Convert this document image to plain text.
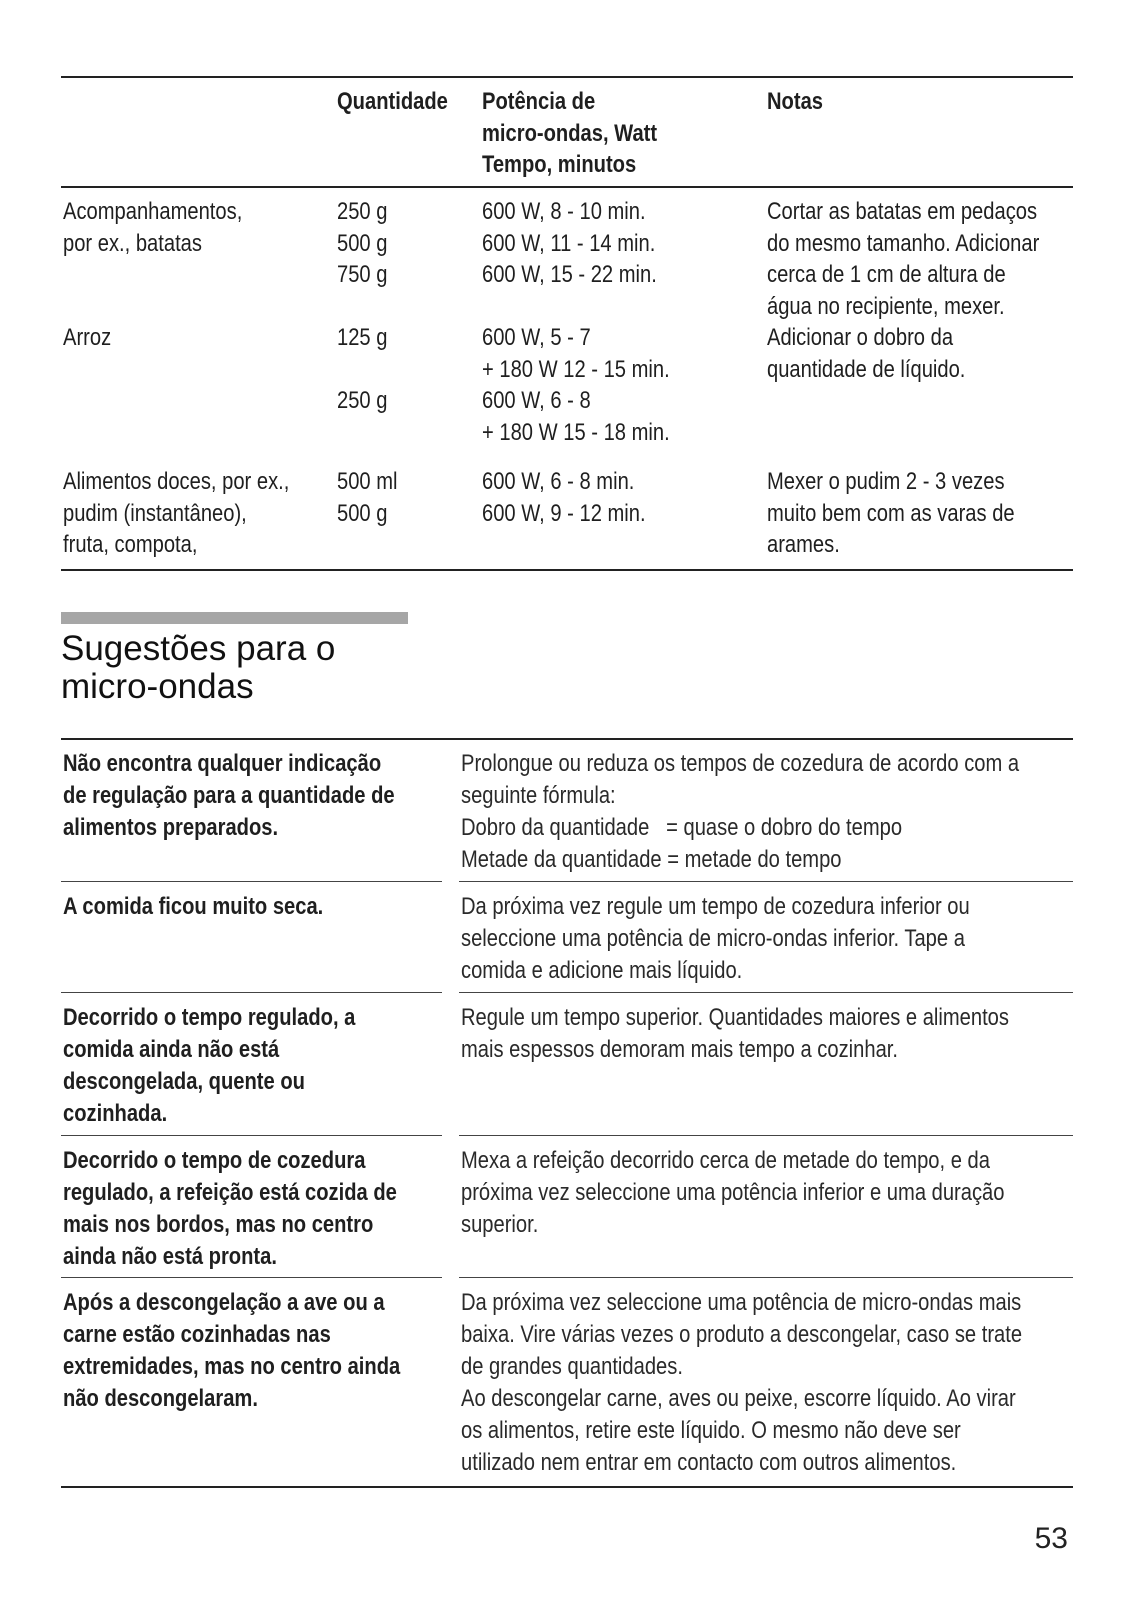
Quantidade Potência de
micro-ondas, Watt
Tempo, minutos
Notas
Acompanhamentos,
por ex., batatas
250 g
500 g
750 g
600 W, 8 - 10 min.
600 W, 11 - 14 min.
600 W, 15 - 22 min.
Cortar as batatas em pedaços
do mesmo tamanho. Adicionar
cerca de 1 cm de altura de
água no recipiente, mexer.
Arroz	125 g
250 g
600 W, 5 - 7
+ 180 W 12 - 15 min.
600 W, 6 - 8
+ 180 W 15 - 18 min.
Adicionar o dobro da
quantidade de líquido.
Alimentos doces, por ex.,
pudim (instantâneo),
fruta, compota,
500 ml
500 g
600 W, 6 - 8 min.
600 W, 9 - 12 min.
Mexer o pudim 2 - 3 vezes
muito bem com as varas de
arames.
Sugestões para o
micro-ondas
Não encontra qualquer indicação
de regulação para a quantidade de
alimentos preparados.
Prolongue ou reduza os tempos de cozedura de acordo com a
seguinte fórmula:
Dobro da quantidade   = quase o dobro do tempo
Metade da quantidade = metade do tempo
A comida ficou muito seca.	Da próxima vez regule um tempo de cozedura inferior ou
seleccione uma potência de micro-ondas inferior. Tape a
comida e adicione mais líquido.
Decorrido o tempo regulado, a
comida ainda não está
descongelada, quente ou
cozinhada.
Regule um tempo superior. Quantidades maiores e alimentos
mais espessos demoram mais tempo a cozinhar.
Decorrido o tempo de cozedura
regulado, a refeição está cozida de
mais nos bordos, mas no centro
ainda não está pronta.
Mexa a refeição decorrido cerca de metade do tempo, e da
próxima vez seleccione uma potência inferior e uma duração
superior.
Após a descongelação a ave ou a
carne estão cozinhadas nas
extremidades, mas no centro ainda
não descongelaram.
Da próxima vez seleccione uma potência de micro-ondas mais
baixa. Vire várias vezes o produto a descongelar, caso se trate
de grandes quantidades.
Ao descongelar carne, aves ou peixe, escorre líquido. Ao virar
os alimentos, retire este líquido. O mesmo não deve ser
utilizado nem entrar em contacto com outros alimentos.
53
